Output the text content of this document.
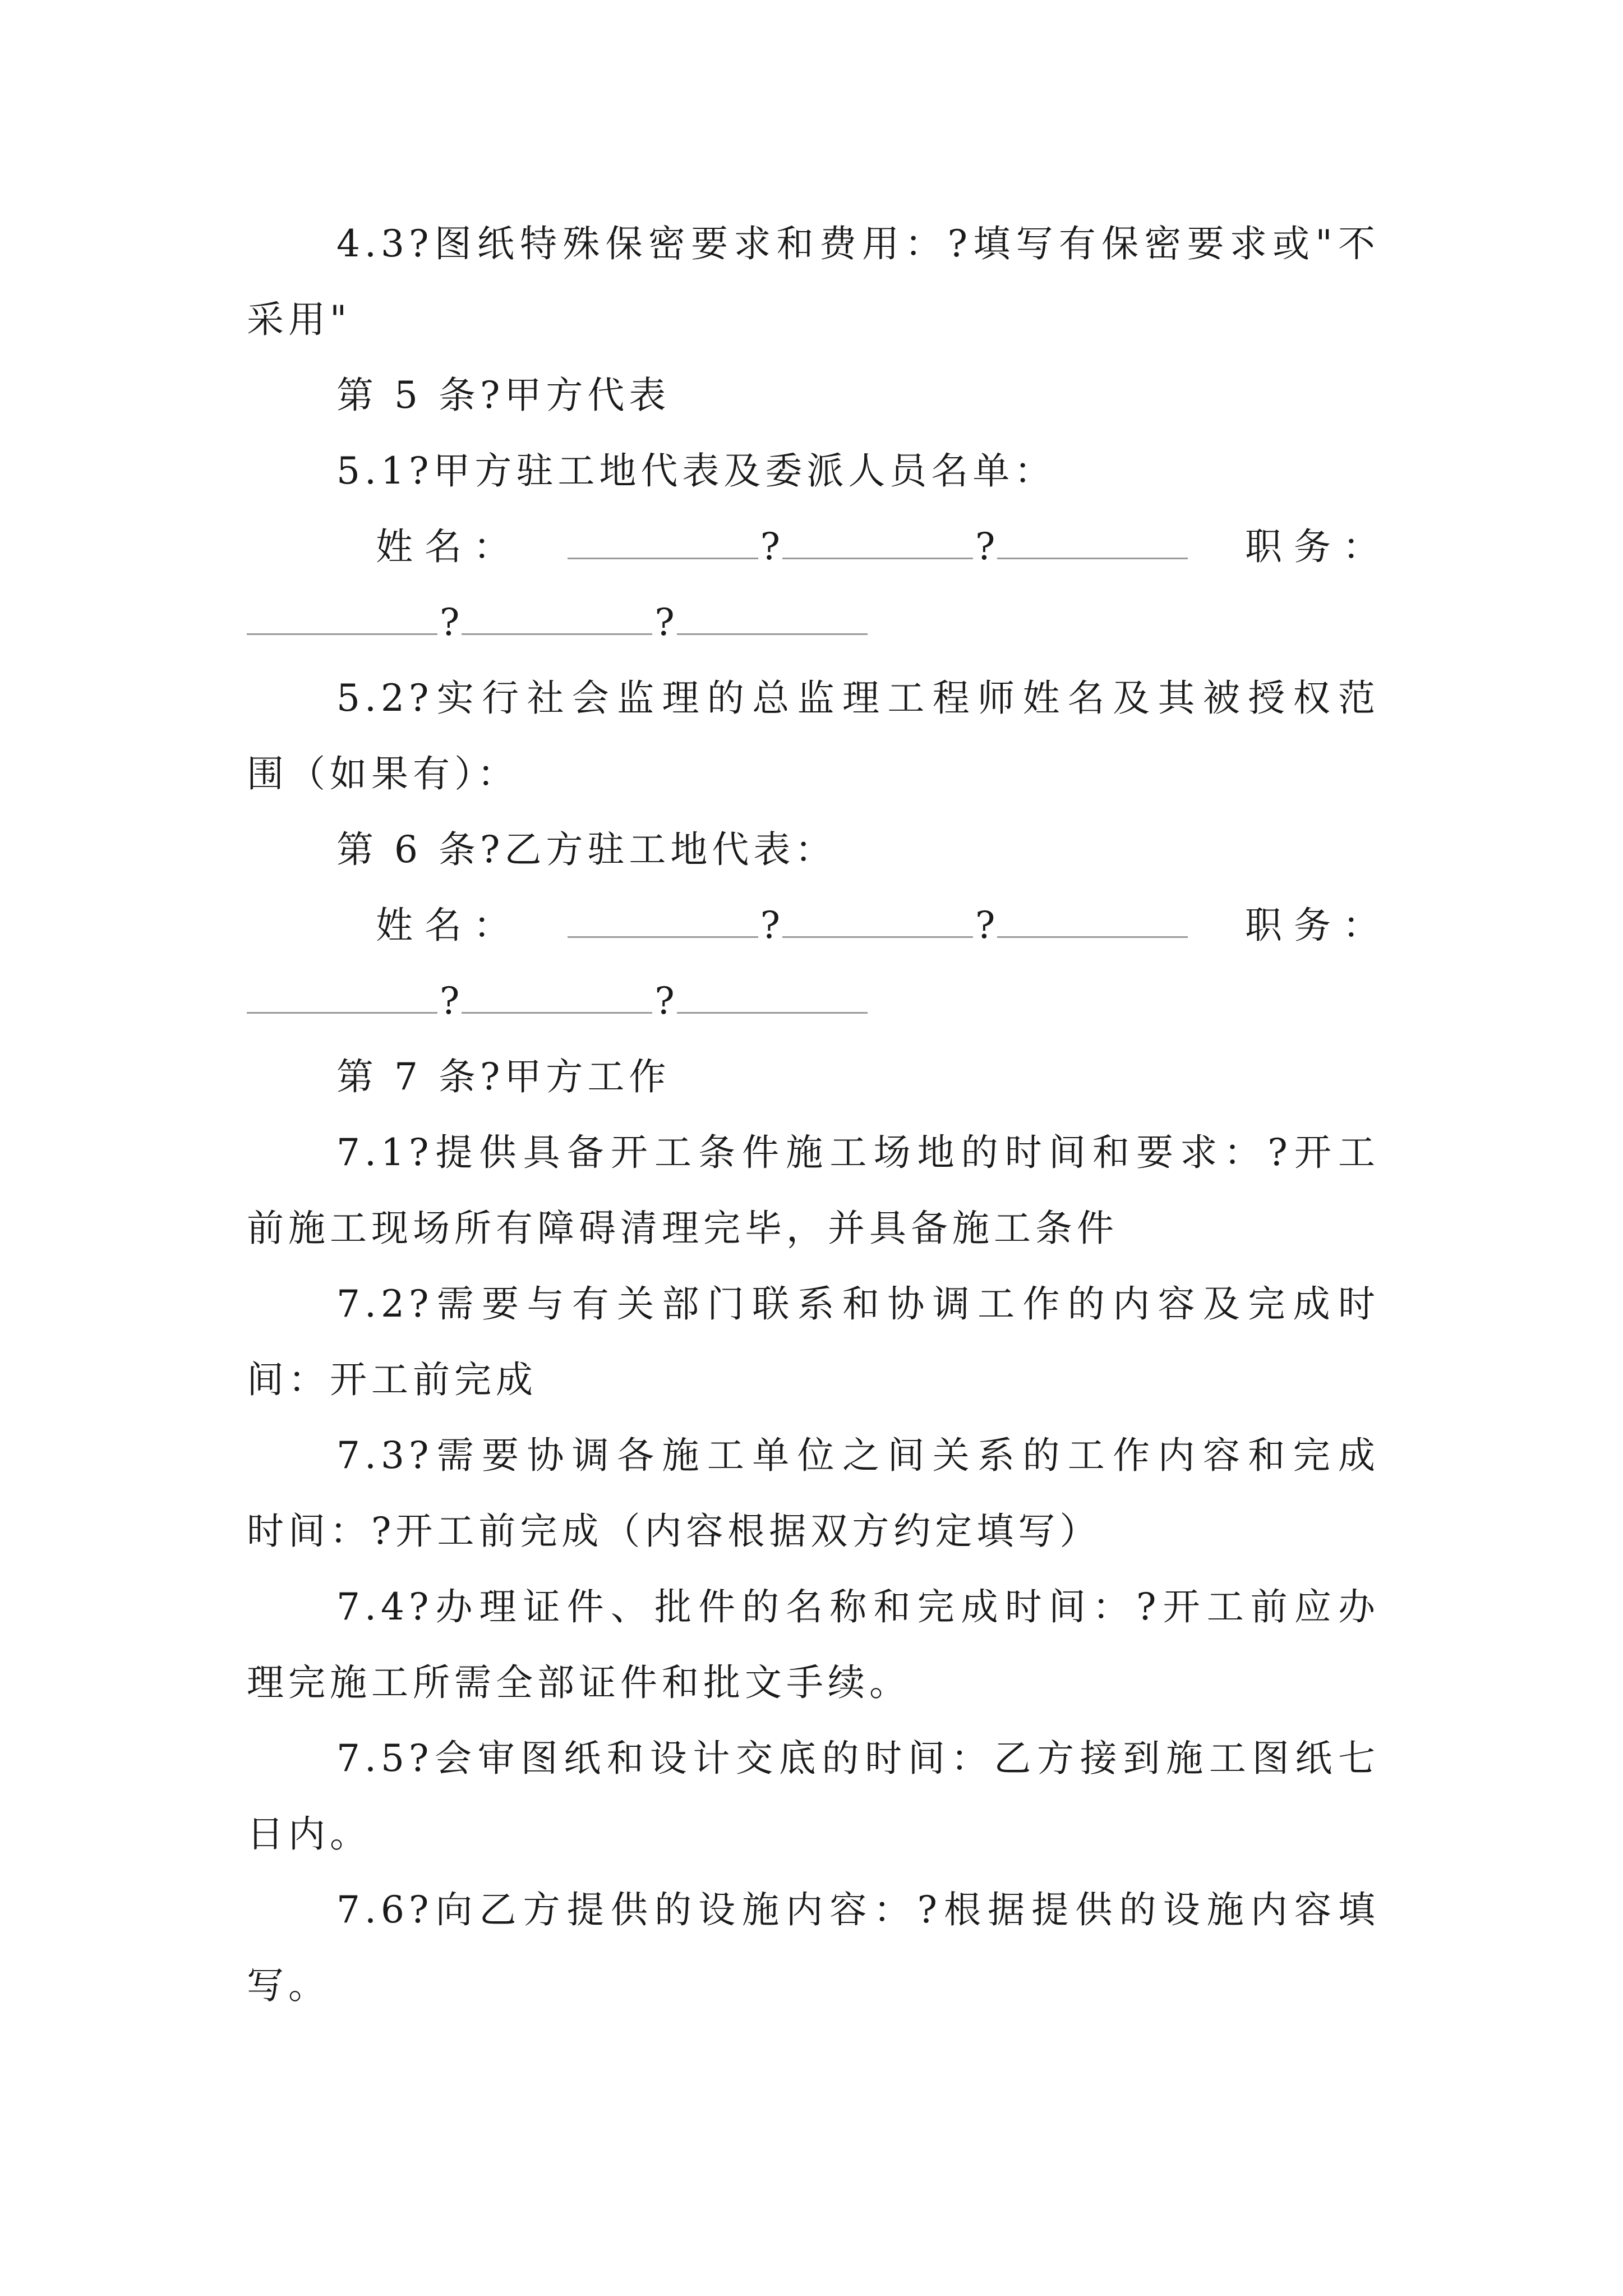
4.3?图纸特殊保密要求和费用：?填写有保密要求或"不
采用"
第 5 条?甲方代表
5.1?甲方驻工地代表及委派人员名单：
姓 名 ：	?	?	职 务 ：
?	?
5.2?实行社会监理的总监理工程师姓名及其被授权范
围（如果有）：
第 6 条?乙方驻工地代表：
姓 名 ：	?	?	职 务 ：
?	?
第 7 条?甲方工作
7.1?提供具备开工条件施工场地的时间和要求：?开工
前施工现场所有障碍清理完毕，并具备施工条件
7.2?需要与有关部门联系和协调工作的内容及完成时
间：开工前完成
7.3?需要协调各施工单位之间关系的工作内容和完成
时间：?开工前完成（内容根据双方约定填写）
7.4?办理证件、批件的名称和完成时间：?开工前应办
理完施工所需全部证件和批文手续。
7.5?会审图纸和设计交底的时间：乙方接到施工图纸七
日内。
7.6?向乙方提供的设施内容：?根据提供的设施内容填
写。
